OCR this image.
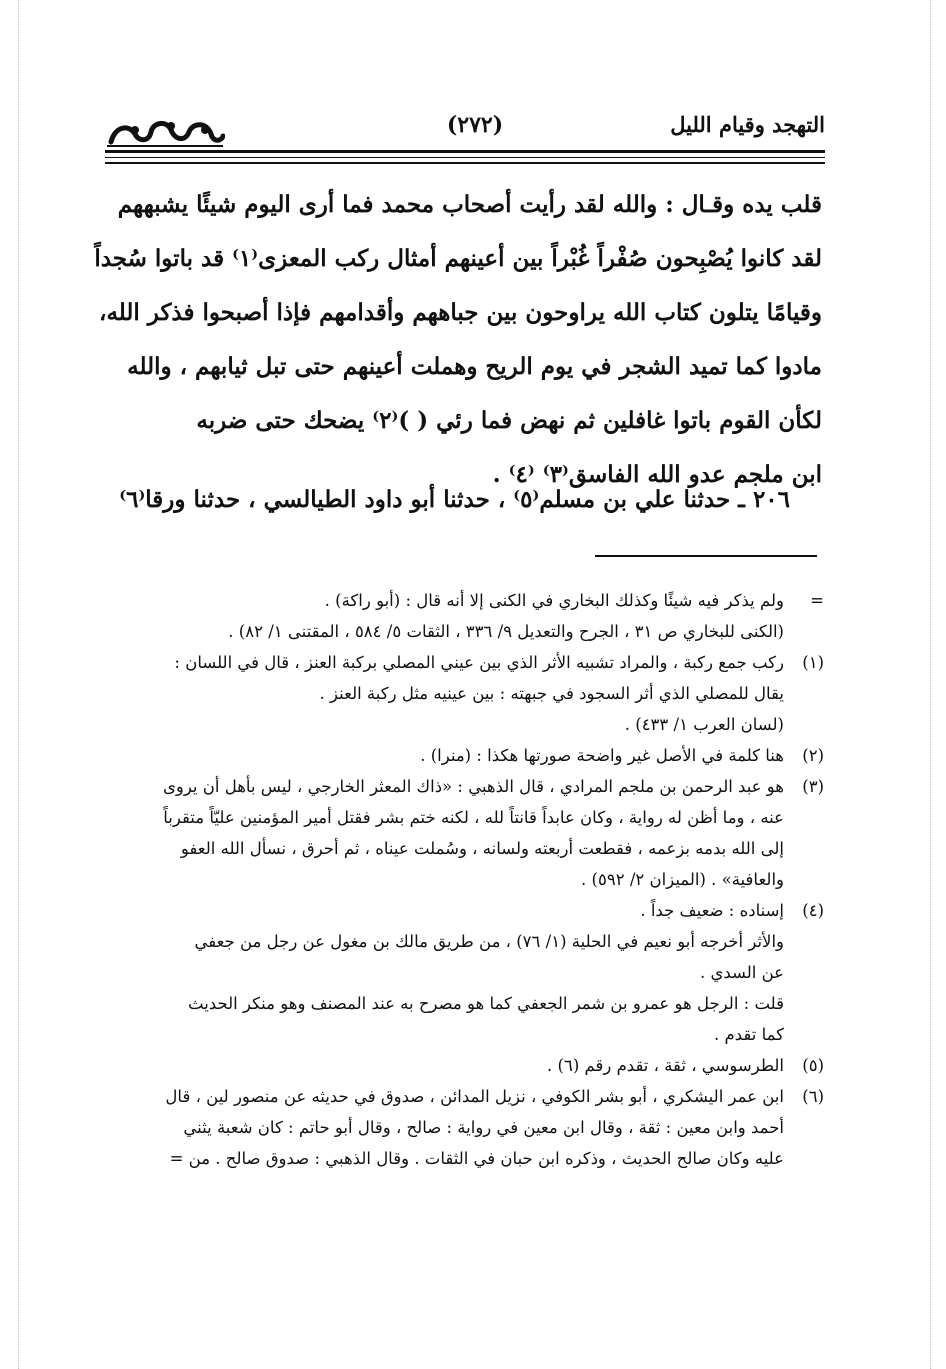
التهجد وقيام الليل
(٢٧٢)
قلب يده وقـال : والله لقد رأيت أصحاب محمد فما أرى اليوم شيئًا يشبههم
لقد كانوا يُصْبِحون صُفْراً غُبْراً بين أعينهم أمثال ركب المعزى⁽١⁾ قد باتوا سُجداً
وقيامًا يتلون كتاب الله يراوحون بين جباههم وأقدامهم فإذا أصبحوا فذكر الله،
مادوا كما تميد الشجر في يوم الريح وهملت أعينهم حتى تبل ثيابهم ، والله
لكأن القوم باتوا غافلين ثم نهض فما رئي ( )⁽٢⁾ يضحك حتى ضربه
ابن ملجم عدو الله الفاسق⁽٣⁾ ⁽٤⁾ .
٢٠٦ ـ حدثنا علي بن مسلم⁽٥⁾ ، حدثنا أبو داود الطيالسي ، حدثنا ورقا⁽٦⁾
=
ولم يذكر فيه شيئًا وكذلك البخاري في الكنى إلا أنه قال : (أبو راكة) .
(الكنى للبخاري ص ٣١ ، الجرح والتعديل ٩/ ٣٣٦ ، الثقات ٥/ ٥٨٤ ، المقتنى ١/ ٨٢) .
(١)
ركب جمع ركبة ، والمراد تشبيه الأثر الذي بين عيني المصلي بركبة العنز ، قال في اللسان :
يقال للمصلي الذي أثر السجود في جبهته : بين عينيه مثل ركبة العنز .
(لسان العرب ١/ ٤٣٣) .
(٢)
هنا كلمة في الأصل غير واضحة صورتها هكذا : (منرا) .
(٣)
هو عبد الرحمن بن ملجم المرادي ، قال الذهبي : «ذاك المعثر الخارجي ، ليس بأهل أن يروى
عنه ، وما أظن له رواية ، وكان عابداً قانتاً لله ، لكنه ختم بشر فقتل أمير المؤمنين عليّاً متقرباً
إلى الله بدمه بزعمه ، فقطعت أربعته ولسانه ، وسُملت عيناه ، ثم أحرق ، نسأل الله العفو
والعافية» . (الميزان ٢/ ٥٩٢) .
(٤)
إسناده : ضعيف جداً .
والأثر أخرجه أبو نعيم في الحلية (١/ ٧٦) ، من طريق مالك بن مغول عن رجل من جعفي
عن السدي .
قلت : الرجل هو عمرو بن شمر الجعفي كما هو مصرح به عند المصنف وهو منكر الحديث
كما تقدم .
(٥)
الطرسوسي ، ثقة ، تقدم رقم (٦) .
(٦)
ابن عمر اليشكري ، أبو بشر الكوفي ، نزيل المدائن ، صدوق في حديثه عن منصور لين ، قال
أحمد وابن معين : ثقة ، وقال ابن معين في رواية : صالح ، وقال أبو حاتم : كان شعبة يثني
عليه وكان صالح الحديث ، وذكره ابن حبان في الثقات . وقال الذهبي : صدوق صالح . من =
